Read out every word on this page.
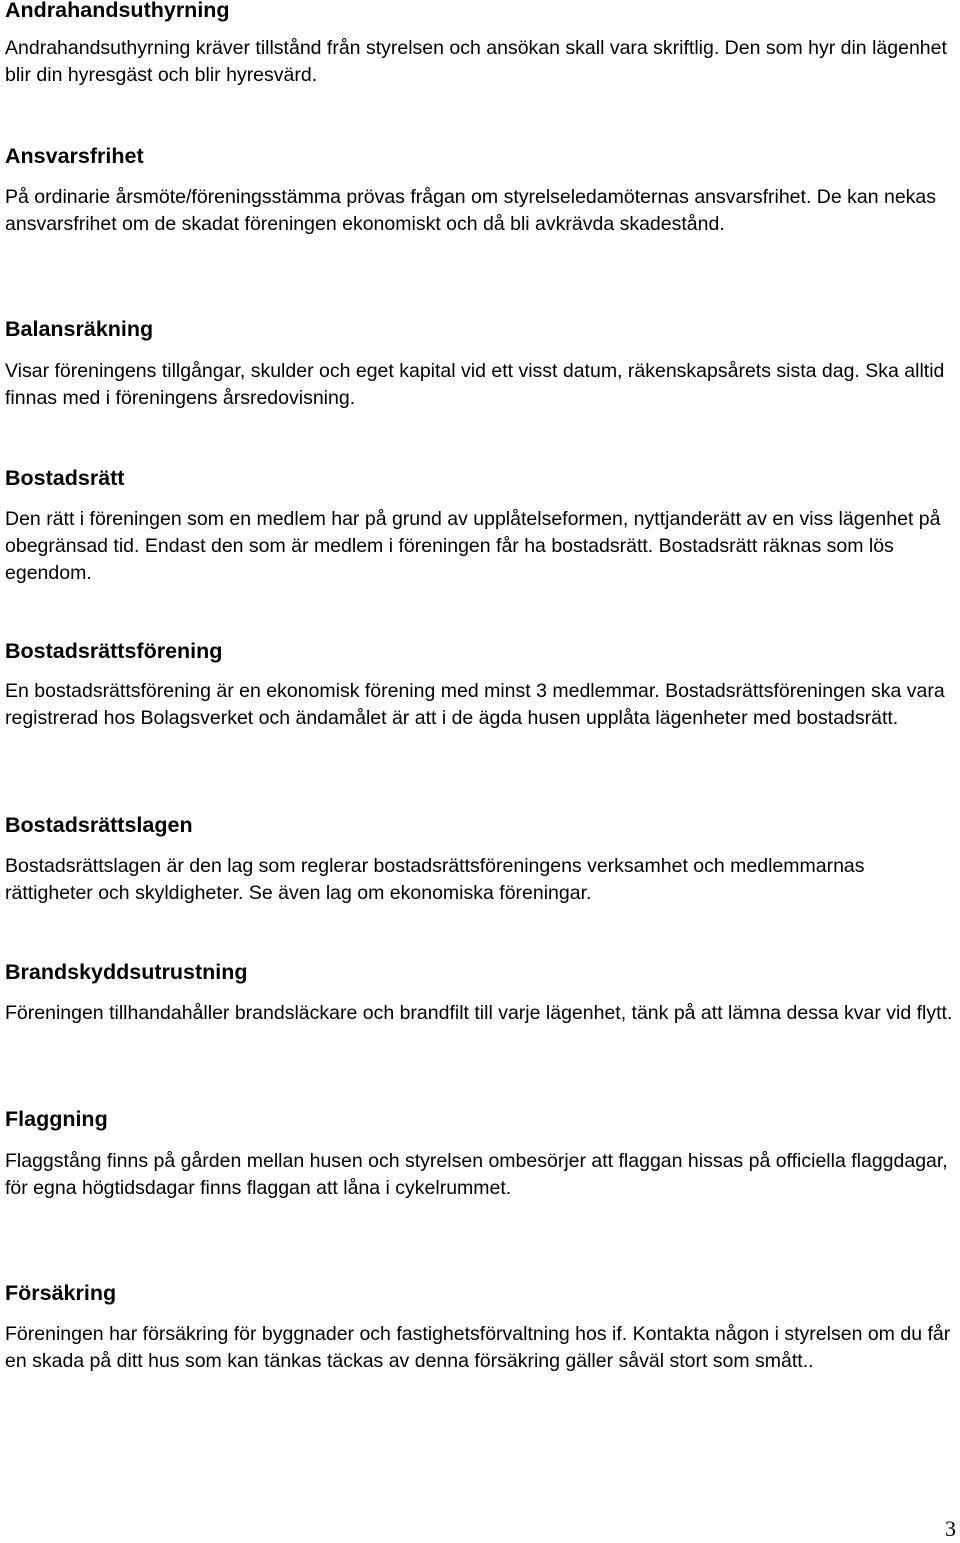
Andrahandsuthyrning

Andrahandsuthyrning kräver tillstånd från styrelsen och ansökan skall vara skriftlig. Den som hyr din lägenhet blir din hyresgäst och blir hyresvärd.

Ansvarsfrihet

På ordinarie årsmöte/föreningsstämma prövas frågan om styrelseledamöternas ansvarsfrihet. De kan nekas ansvarsfrihet om de skadat föreningen ekonomiskt och då bli avkrävda skadestånd.

Balansräkning

Visar föreningens tillgångar, skulder och eget kapital vid ett visst datum, räkenskapsårets sista dag. Ska alltid finnas med i föreningens årsredovisning.

Bostadsrätt

Den rätt i föreningen som en medlem har på grund av upplåtelseformen, nyttjanderätt av en viss lägenhet på obegränsad tid. Endast den som är medlem i föreningen får ha bostadsrätt. Bostadsrätt räknas som lös egendom.

Bostadsrättsförening

En bostadsrättsförening är en ekonomisk förening med minst 3 medlemmar. Bostadsrättsföreningen ska vara registrerad hos Bolagsverket och ändamålet är att i de ägda husen upplåta lägenheter med bostadsrätt.

Bostadsrättslagen

Bostadsrättslagen är den lag som reglerar bostadsrättsföreningens verksamhet och medlemmarnas rättigheter och skyldigheter. Se även lag om ekonomiska föreningar.

Brandskyddsutrustning

Föreningen tillhandahåller brandsläckare och brandfilt till varje lägenhet, tänk på att lämna dessa kvar vid flytt.

Flaggning

Flaggstång finns på gården mellan husen och styrelsen ombesörjer att flaggan hissas på officiella flaggdagar, för egna högtidsdagar finns flaggan att låna i cykelrummet.

Försäkring

Föreningen har försäkring för byggnader och fastighetsförvaltning hos if. Kontakta någon i styrelsen om du får en skada på ditt hus som kan tänkas täckas av denna försäkring gäller såväl stort som smått..

3
